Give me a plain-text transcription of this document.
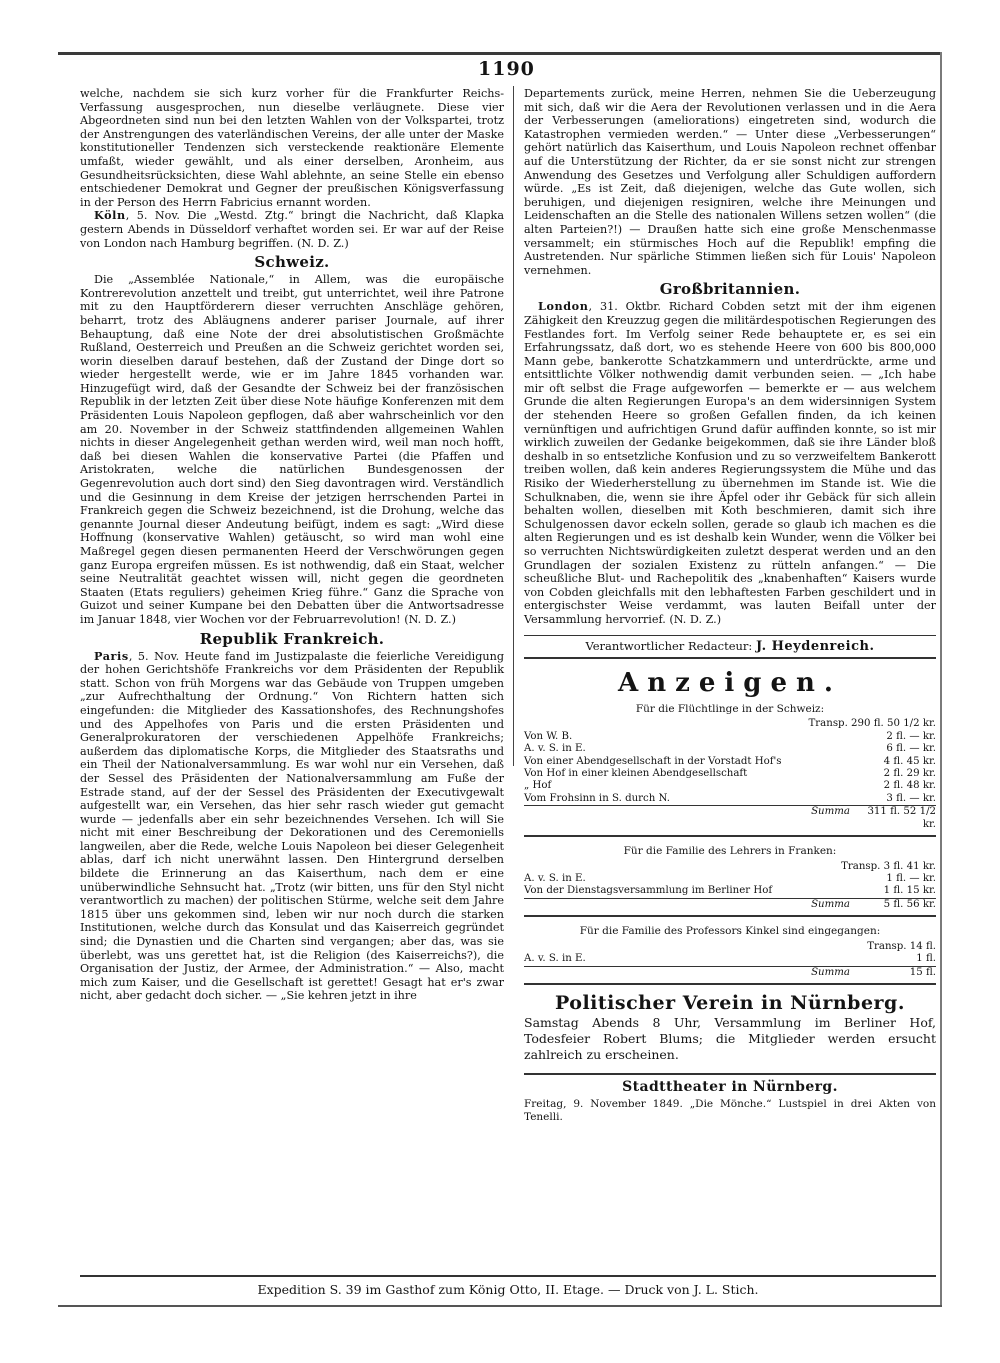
1190

welche, nachdem sie sich kurz vorher für die Frankfurter Reichs-Verfassung ausgesprochen, nun dieselbe verläugnete. Diese vier Abgeordneten sind nun bei den letzten Wahlen von der Volkspartei, trotz der Anstrengungen des vaterländischen Vereins, der alle unter der Maske konstitutioneller Tendenzen sich versteckende reaktionäre Elemente umfaßt, wieder gewählt, und als einer derselben, Aronheim, aus Gesundheitsrücksichten, diese Wahl ablehnte, an seine Stelle ein ebenso entschiedener Demokrat und Gegner der preußischen Königsverfassung in der Person des Herrn Fabricius ernannt worden.

Köln, 5. Nov. Die „Westd. Ztg.“ bringt die Nachricht, daß Klapka gestern Abends in Düsseldorf verhaftet worden sei. Er war auf der Reise von London nach Hamburg begriffen. (N. D. Z.)

Schweiz.

Die „Assemblée Nationale,“ in Allem, was die europäische Kontrerevolution anzettelt und treibt, gut unterrichtet, weil ihre Patrone mit zu den Hauptförderern dieser verruchten Anschläge gehören, beharrt, trotz des Abläugnens anderer pariser Journale, auf ihrer Behauptung, daß eine Note der drei absolutistischen Großmächte Rußland, Oesterreich und Preußen an die Schweiz gerichtet worden sei, worin dieselben darauf bestehen, daß der Zustand der Dinge dort so wieder hergestellt werde, wie er im Jahre 1845 vorhanden war. Hinzugefügt wird, daß der Gesandte der Schweiz bei der französischen Republik in der letzten Zeit über diese Note häufige Konferenzen mit dem Präsidenten Louis Napoleon gepflogen, daß aber wahrscheinlich vor den am 20. November in der Schweiz stattfindenden allgemeinen Wahlen nichts in dieser Angelegenheit gethan werden wird, weil man noch hofft, daß bei diesen Wahlen die konservative Partei (die Pfaffen und Aristokraten, welche die natürlichen Bundesgenossen der Gegenrevolution auch dort sind) den Sieg davontragen wird. Verständlich und die Gesinnung in dem Kreise der jetzigen herrschenden Partei in Frankreich gegen die Schweiz bezeichnend, ist die Drohung, welche das genannte Journal dieser Andeutung beifügt, indem es sagt: „Wird diese Hoffnung (konservative Wahlen) getäuscht, so wird man wohl eine Maßregel gegen diesen permanenten Heerd der Verschwörungen gegen ganz Europa ergreifen müssen. Es ist nothwendig, daß ein Staat, welcher seine Neutralität geachtet wissen will, nicht gegen die geordneten Staaten (Etats reguliers) geheimen Krieg führe.“ Ganz die Sprache von Guizot und seiner Kumpane bei den Debatten über die Antwortsadresse im Januar 1848, vier Wochen vor der Februarrevolution! (N. D. Z.)

Republik Frankreich.

Paris, 5. Nov. Heute fand im Justizpalaste die feierliche Vereidigung der hohen Gerichtshöfe Frankreichs vor dem Präsidenten der Republik statt. Schon von früh Morgens war das Gebäude von Truppen umgeben „zur Aufrechthaltung der Ordnung.“ Von Richtern hatten sich eingefunden: die Mitglieder des Kassationshofes, des Rechnungshofes und des Appelhofes von Paris und die ersten Präsidenten und Generalprokuratoren der verschiedenen Appelhöfe Frankreichs; außerdem das diplomatische Korps, die Mitglieder des Staatsraths und ein Theil der Nationalversammlung. Es war wohl nur ein Versehen, daß der Sessel des Präsidenten der Nationalversammlung am Fuße der Estrade stand, auf der der Sessel des Präsidenten der Executivgewalt aufgestellt war, ein Versehen, das hier sehr rasch wieder gut gemacht wurde — jedenfalls aber ein sehr bezeichnendes Versehen. Ich will Sie nicht mit einer Beschreibung der Dekorationen und des Ceremoniells langweilen, aber die Rede, welche Louis Napoleon bei dieser Gelegenheit ablas, darf ich nicht unerwähnt lassen. Den Hintergrund derselben bildete die Erinnerung an das Kaiserthum, nach dem er eine unüberwindliche Sehnsucht hat. „Trotz (wir bitten, uns für den Styl nicht verantwortlich zu machen) der politischen Stürme, welche seit dem Jahre 1815 über uns gekommen sind, leben wir nur noch durch die starken Institutionen, welche durch das Konsulat und das Kaiserreich gegründet sind; die Dynastien und die Charten sind vergangen; aber das, was sie überlebt, was uns gerettet hat, ist die Religion (des Kaiserreichs?), die Organisation der Justiz, der Armee, der Administration.“ — Also, macht mich zum Kaiser, und die Gesellschaft ist gerettet! Gesagt hat er's zwar nicht, aber gedacht doch sicher. — „Sie kehren jetzt in ihre

Departements zurück, meine Herren, nehmen Sie die Ueberzeugung mit sich, daß wir die Aera der Revolutionen verlassen und in die Aera der Verbesserungen (ameliorations) eingetreten sind, wodurch die Katastrophen vermieden werden.“ — Unter diese „Verbesserungen“ gehört natürlich das Kaiserthum, und Louis Napoleon rechnet offenbar auf die Unterstützung der Richter, da er sie sonst nicht zur strengen Anwendung des Gesetzes und Verfolgung aller Schuldigen auffordern würde. „Es ist Zeit, daß diejenigen, welche das Gute wollen, sich beruhigen, und diejenigen resigniren, welche ihre Meinungen und Leidenschaften an die Stelle des nationalen Willens setzen wollen“ (die alten Parteien?!) — Draußen hatte sich eine große Menschenmasse versammelt; ein stürmisches Hoch auf die Republik! empfing die Austretenden. Nur spärliche Stimmen ließen sich für Louis' Napoleon vernehmen.

Großbritannien.

London, 31. Oktbr. Richard Cobden setzt mit der ihm eigenen Zähigkeit den Kreuzzug gegen die militärdespotischen Regierungen des Festlandes fort. Im Verfolg seiner Rede behauptete er, es sei ein Erfahrungssatz, daß dort, wo es stehende Heere von 600 bis 800,000 Mann gebe, bankerotte Schatzkammern und unterdrückte, arme und entsittlichte Völker nothwendig damit verbunden seien. — „Ich habe mir oft selbst die Frage aufgeworfen — bemerkte er — aus welchem Grunde die alten Regierungen Europa's an dem widersinnigen System der stehenden Heere so großen Gefallen finden, da ich keinen vernünftigen und aufrichtigen Grund dafür auffinden konnte, so ist mir wirklich zuweilen der Gedanke beigekommen, daß sie ihre Länder bloß deshalb in so entsetzliche Konfusion und zu so verzweifeltem Bankerott treiben wollen, daß kein anderes Regierungssystem die Mühe und das Risiko der Wiederherstellung zu übernehmen im Stande ist. Wie die Schulknaben, die, wenn sie ihre Äpfel oder ihr Gebäck für sich allein behalten wollen, dieselben mit Koth beschmieren, damit sich ihre Schulgenossen davor eckeln sollen, gerade so glaub ich machen es die alten Regierungen und es ist deshalb kein Wunder, wenn die Völker bei so verruchten Nichtswürdigkeiten zuletzt desperat werden und an den Grundlagen der sozialen Existenz zu rütteln anfangen.“ — Die scheußliche Blut- und Rachepolitik des „knabenhaften“ Kaisers wurde von Cobden gleichfalls mit den lebhaftesten Farben geschildert und in entergischster Weise verdammt, was lauten Beifall unter der Versammlung hervorrief. (N. D. Z.)

Verantwortlicher Redacteur: J. Heydenreich.
Anzeigen.
Für die Flüchtlinge in der Schweiz:
Transp. 290 fl. 50 1/2 kr.
Von W. B.	2 fl. — kr.
A. v. S. in E.	6 fl. — kr.
Von einer Abendgesellschaft in der Vorstadt Hof's	4 fl. 45 kr.
Von Hof in einer kleinen Abendgesellschaft	2 fl. 29 kr.
„ Hof	2 fl. 48 kr.
Vom Frohsinn in S. durch N.	3 fl. — kr.
Summa	311 fl. 52 1/2 kr.
Für die Familie des Lehrers in Franken:
Transp. 3 fl. 41 kr.
A. v. S. in E.	1 fl. — kr.
Von der Dienstagsversammlung im Berliner Hof	1 fl. 15 kr.
Summa	5 fl. 56 kr.
Für die Familie des Professors Kinkel sind eingegangen:
Transp. 14 fl.
A. v. S. in E.	1 fl.
Summa	15 fl.
Politischer Verein in Nürnberg.
Samstag Abends 8 Uhr, Versammlung im Berliner Hof, Todesfeier Robert Blums; die Mitglieder werden ersucht zahlreich zu erscheinen.
Stadttheater in Nürnberg.
Freitag, 9. November 1849. „Die Mönche.“ Lustspiel in drei Akten von Tenelli.
Expedition S. 39 im Gasthof zum König Otto, II. Etage. — Druck von J. L. Stich.
